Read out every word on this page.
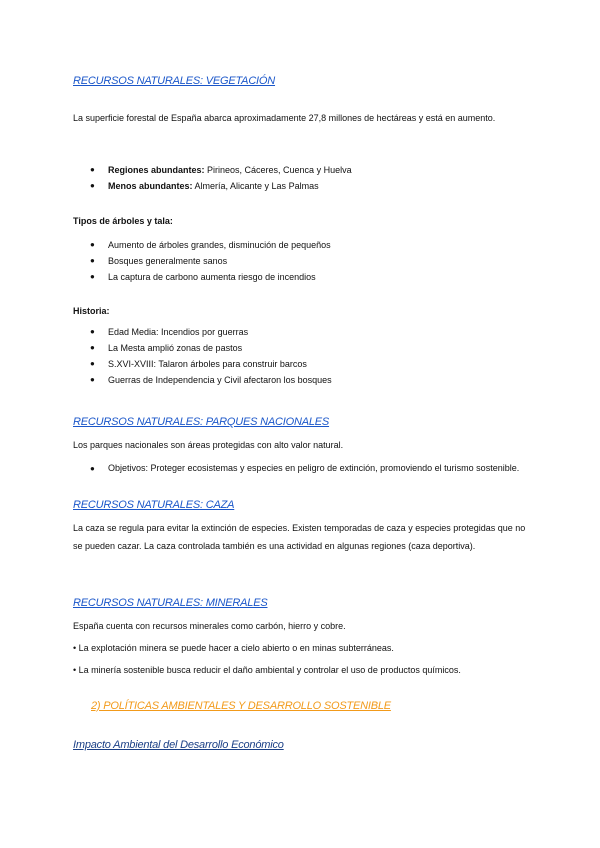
RECURSOS NATURALES: VEGETACIÓN
La superficie forestal de España abarca aproximadamente 27,8 millones de hectáreas y está en aumento.
● Regiones abundantes: Pirineos, Cáceres, Cuenca y Huelva
● Menos abundantes: Almería, Alicante y Las Palmas
Tipos de árboles y tala:
● Aumento de árboles grandes, disminución de pequeños
● Bosques generalmente sanos
● La captura de carbono aumenta riesgo de incendios
Historia:
● Edad Media: Incendios por guerras
● La Mesta amplió zonas de pastos
● S.XVI-XVIII: Talaron árboles para construir barcos
● Guerras de Independencia y Civil afectaron los bosques
RECURSOS NATURALES: PARQUES NACIONALES
Los parques nacionales son áreas protegidas con alto valor natural.
● Objetivos: Proteger ecosistemas y especies en peligro de extinción, promoviendo el turismo sostenible.
RECURSOS NATURALES: CAZA
La caza se regula para evitar la extinción de especies. Existen temporadas de caza y especies protegidas que no se pueden cazar. La caza controlada también es una actividad en algunas regiones (caza deportiva).
RECURSOS NATURALES: MINERALES
España cuenta con recursos minerales como carbón, hierro y cobre.
• La explotación minera se puede hacer a cielo abierto o en minas subterráneas.
• La minería sostenible busca reducir el daño ambiental y controlar el uso de productos químicos.
2) POLÍTICAS AMBIENTALES Y DESARROLLO SOSTENIBLE
Impacto Ambiental del Desarrollo Económico
